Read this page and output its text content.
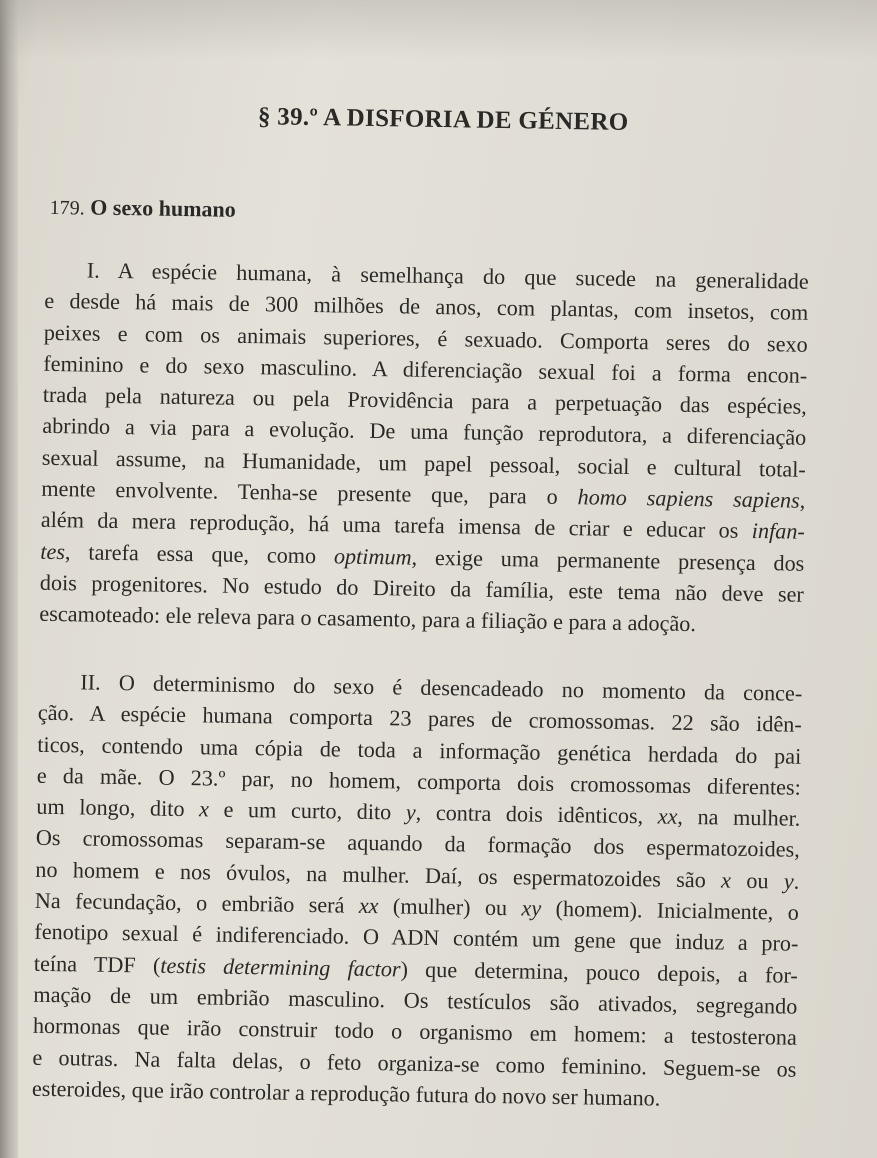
§ 39.º A DISFORIA DE GÉNERO
179. O sexo humano
I. A espécie humana, à semelhança do que sucede na generalidade
e desde há mais de 300 milhões de anos, com plantas, com insetos, com
peixes e com os animais superiores, é sexuado. Comporta seres do sexo
feminino e do sexo masculino. A diferenciação sexual foi a forma encon-
trada pela natureza ou pela Providência para a perpetuação das espécies,
abrindo a via para a evolução. De uma função reprodutora, a diferenciação
sexual assume, na Humanidade, um papel pessoal, social e cultural total-
mente envolvente. Tenha-se presente que, para o homo sapiens sapiens,
além da mera reprodução, há uma tarefa imensa de criar e educar os infan-
tes, tarefa essa que, como optimum, exige uma permanente presença dos
dois progenitores. No estudo do Direito da família, este tema não deve ser
escamoteado: ele releva para o casamento, para a filiação e para a adoção.
II. O determinismo do sexo é desencadeado no momento da conce-
ção. A espécie humana comporta 23 pares de cromossomas. 22 são idên-
ticos, contendo uma cópia de toda a informação genética herdada do pai
e da mãe. O 23.º par, no homem, comporta dois cromossomas diferentes:
um longo, dito x e um curto, dito y, contra dois idênticos, xx, na mulher.
Os cromossomas separam-se aquando da formação dos espermatozoides,
no homem e nos óvulos, na mulher. Daí, os espermatozoides são x ou y.
Na fecundação, o embrião será xx (mulher) ou xy (homem). Inicialmente, o
fenotipo sexual é indiferenciado. O ADN contém um gene que induz a pro-
teína TDF (testis determining factor) que determina, pouco depois, a for-
mação de um embrião masculino. Os testículos são ativados, segregando
hormonas que irão construir todo o organismo em homem: a testosterona
e outras. Na falta delas, o feto organiza-se como feminino. Seguem-se os
esteroides, que irão controlar a reprodução futura do novo ser humano.
